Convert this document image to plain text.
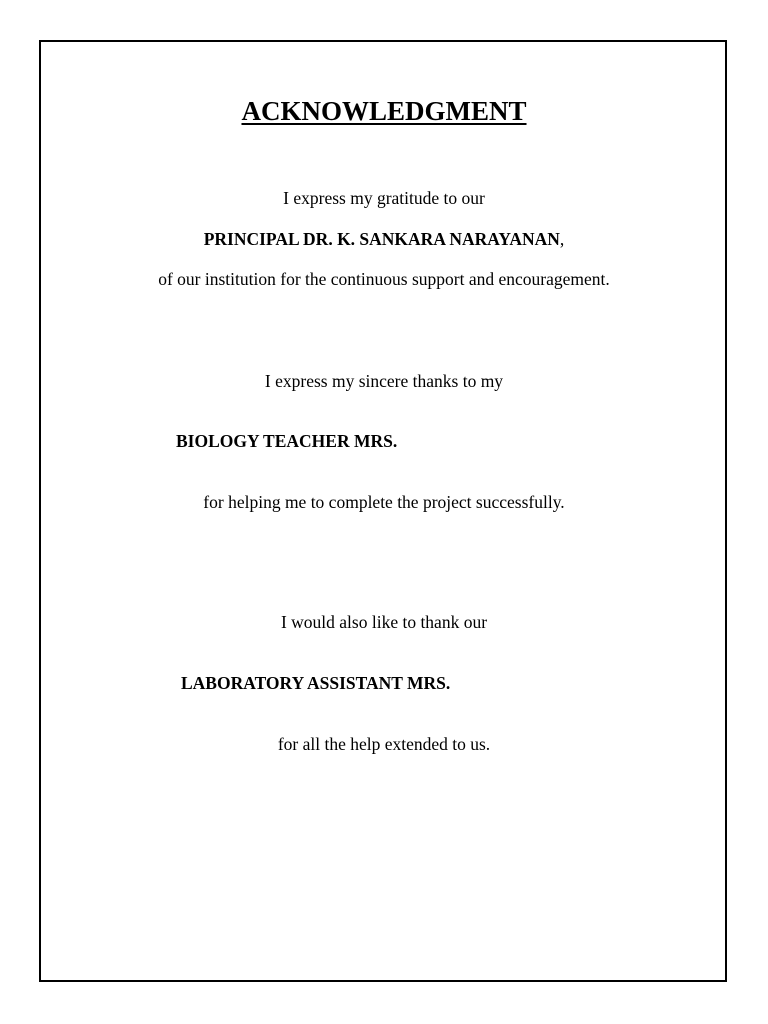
ACKNOWLEDGMENT
I express my gratitude to our
PRINCIPAL DR. K. SANKARA NARAYANAN,
of our institution for the continuous support and encouragement.
I express my sincere thanks to my
BIOLOGY TEACHER MRS.
for helping me to complete the project successfully.
I would also like to thank our
LABORATORY ASSISTANT MRS.
for all the help extended to us.
